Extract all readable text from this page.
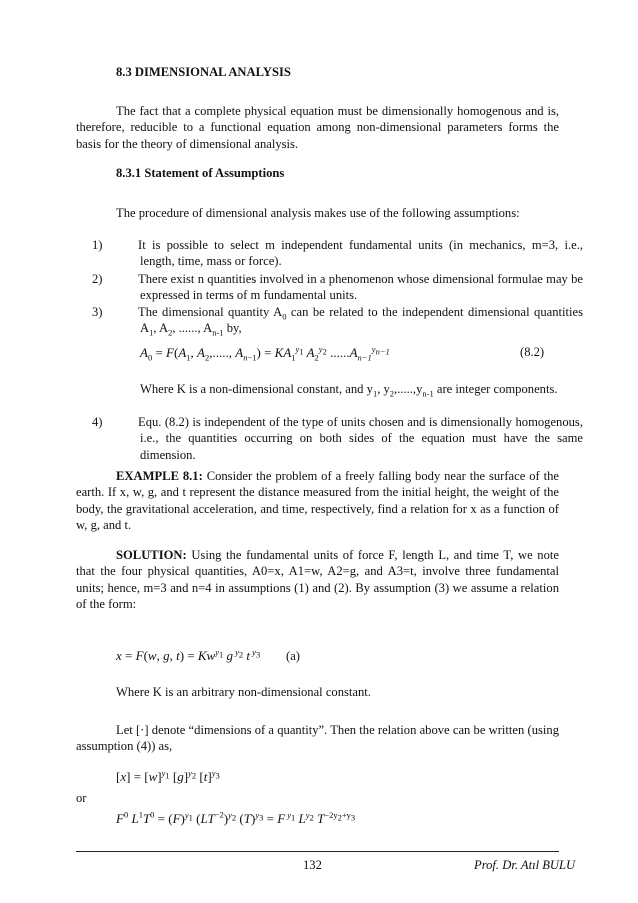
8.3 DIMENSIONAL ANALYSIS
The fact that a complete physical equation must be dimensionally homogenous and is, therefore, reducible to a functional equation among non-dimensional parameters forms the basis for the theory of dimensional analysis.
8.3.1 Statement of Assumptions
The procedure of dimensional analysis makes use of the following assumptions:
1)	It is possible to select m independent fundamental units (in mechanics, m=3, i.e., length, time, mass or force).
2)	There exist n quantities involved in a phenomenon whose dimensional formulae may be expressed in terms of m fundamental units.
3)	The dimensional quantity $A_0$ can be related to the independent dimensional quantities $A_1$, $A_2$, ......, $A_{n-1}$ by,
$A_0 = F(A_1$, $A_2$,....., $A_{n-1}) = KA_1^{y_1}$ $A_2^{y_2}$ $......A_{n-1}^{y_{n-1}}$	(8.2)
Where K is a non-dimensional constant, and $y_1$, $y_2,.....,y_{n-1}$ are integer components.
4)	Equ. (8.2) is independent of the type of units chosen and is dimensionally homogenous, i.e., the quantities occurring on both sides of the equation must have the same dimension.
EXAMPLE 8.1: Consider the problem of a freely falling body near the surface of the earth. If x, w, g, and t represent the distance measured from the initial height, the weight of the body, the gravitational acceleration, and time, respectively, find a relation for x as a function of w, g, and t.
SOLUTION: Using the fundamental units of force F, length L, and time T, we note that the four physical quantities, A0=x, A1=w, A2=g, and A3=t, involve three fundamental units; hence, m=3 and n=4 in assumptions (1) and (2). By assumption (3) we assume a relation of the form:
x = F(w, g, $t) = Kw^{y_1}$ g $^{y_2}$ t $^{y_3}$ (a)
Where K is an arbitrary non-dimensional constant.
Let [·] denote “dimensions of a quantity”. Then the relation above can be written (using assumption (4)) as,
$[x] = [w]^{y_1}$ $[g]^{y_2}$ $[t]^{y_3}$
or
$F^0$ $L^1T^0 = (F)^{y_1}$ $(LT^{-2})^{y_2}$ $(T)^{y_3} = F$ $^{y_1}$ $L^{y_2}$ $T^{-2y_2+y_3}$
132	Prof. Dr. Atıl BULU
